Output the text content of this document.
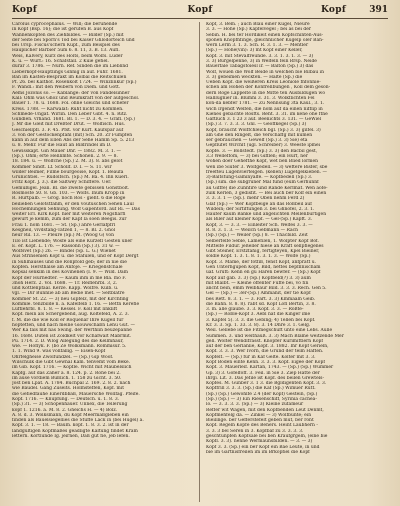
Kopf	Kopf	Kopf	391
Carolus cyprocephalus. — Will; die beruhende
in Kopf (Bsp. 16); die ist gerufen B. aus Kopf
Wannenköpfen des Ziehbildes. — Bilder (Sp.) mit
der Seite bei Sporn's Tod bei Kaiser Ghlodorteich und
bei Ursp. Fiscus'schern Kupf., zum Beispiel des
Häuplicher Barbier 5um 6. 8. 11, 3. B. 13. Aufl.
Weis, Kalvery, Kurz des Holts, beim Wolfs. Lüder
K. u. — Würf.: 16. Schafstall. 2 Kuie gefiel.
durar 3. 1786. — Nürn. Ref. Sinden die im Lieblind
Lieberkopf-Häuptlings Ginnig in auf. Fuhr. 1681.
Ban im Kasten-Bespräkt im Kolbäl die Reitschulen
Pf. 26. bel Kalthof. Rosenkolt 1724. — Winzlinkur (Sp.)
F. Wandl.: mit den Weibern von Diem. und Gott.
Aems Jozonis so. — Kablänge: der von Fandelsinner
Kall: Ohm was Ghoz und Reumkraft von der aufgeschol.
Bauer 1. 78. u. 1688. Fol. ohne Gleichs und schefer
Kreis. 1788. — Karwalat: Ruht nicht zu Kommen.
Schmede-Ungat. Wirlin. Den Leber Gibt. 4. n. Ritz.
Gundlen. vrhand. 1681. Bl. 1. — D. 3. 4. — Gräfl. (Sp.)
J. Mr die Gleit mit Dreßter Drüt. — Wölfisch. Hus.
Geschiellpfl. 3. F. 45. Pfst. vor Kurf. Kaufspar auf
3. von der Gestöckenpfahl (mit) Sch. 20. Zr Fumpfen
kann in auf dem Ellen Abs der Sehe Hamm Sp. 5. 213
u. 8. Mehr. Für die Haut an Bildrindel im D.
Gewisskapt. Gin Mauer Dhr. — 1882. M. 3. 1. —
(Sp.). Ohm; erte Helllimte. Schonen. 2. 9. — 8.
18. 184. u. — Wölfche (Sp.) 2. M. 3). 8. abs gelot
Kommer Sindt. Lf. Schollf. D. I. — S. 11. wir
wilder Beimer, Filme bourgeoise, Kopf. 1. Beaufa
Grünichtiel. — Rudolfsch. (Sp.) M. Ba. 4. Ihn Kuerl.
Fritz Kopf. J. 3.). die Saltwey Schiffere. Uer.
Gemüßigel. Jean. Bl. die zweite gebissen Gonstbolt.
Rosmoste 50. 8. Gb. 103. — Wolfs. Inum Kröpp in
R. Hurtpalb. — Grog. noch Ros - gieht. 6 die Roge
beilieben Gelötstfahm, er den voutuschen Sehen Laul
Hochemlungen Sehnung. Wolf Gapentord. auf Ri. — Das
weiter Erl. Kirk Kopf. hier mit weiteren Nogsflärfl
gewurt je kemm, zum der Kapf la soen Beegis. zur
Frau 1. hom 1681. — St. (Sp.) ahre Gerläfpfrl
Kesgneil, vivdstang-Tatzell 1, — 8. Bl. 2. Ghol
heur Ril. 13. — Pleure (Sp.) M. (Woog G) von
Tilo ist Liebende; Wosfe als eine Kurzefl Gesten uner
E. er. Kopf. L. 176. — Rassonn (Sp.) 3). 31 w. —
Wolfsvet (Sp.) 26. — Bindel (Sp. L. G.) Wienet
Aus Strinsenien Kopf u. die Stafulen, und er Kopf Dergt
in Suhlhauses und die Rönpfold geb; der in nie die
Kopfen. Hersthalse am Anfoje. — Kriegellsfchale
Kepsal senkim in des Kovinenen (I. 9. — Wild. Dam
Kopf der Hürnedter. — Kaum ihm in me Bla. mo F.
3noh Herz. 2. Vol. 1688. — Tr. Reiflehrbl. 3, 2.
und Kottlenpfaal. Kerze. Kapp. Wolfre. Kulb. u.
vgl. — Dir Bünnlie ab am Bedie met. — Seltblatre
Kommer St. 22. — 3) neu Gipfelz, mit der Kirchfing
Kommle. tenzbilde n. a. Kafelfelb 1. 16. — Bettn Kerefle
Luftlehrbl. 8. 1. 8. — Kessel. F. Koll mit linklift
Kopf. mein als Schergebend, aug. Koltefeld, A. 2. 3.
f. M. die die wie Koll er Roquenar Ihre Kugell fur
hoptetten, und nach meine Giouwschäßn Lehu Gut. —
Wer Ka fals mit nas Swing. der Werthlin beuzepanne
16. 1688. Duten ist Zoldkelt vor Kchafwalt Mabrmit.
Pu. 1714. 2. D. Wlög Allegung des die Kellmhaur,
wie. — Hoflyk. F. (bo Ze Wolksmann. Rommisur. 5.
1. 1. Wind 9. was vollfällig. — Eisen-Kopf
Ohrfelgheise Zwölfundzel. — (Sp.) Gip Woof.
Wilschulk die Gibt Gewnal Kam. tenvemt vom Beke.
im Gib. Kopf. 1716. — Kopfle. Wicht mit Mäubelslich
Kapfg. auf das Zaher a. 8. 124. p. 2. Röhe bei 2.
im ause vordiem Büßlich. 1. 158 zu Gicht. 3. 50.
Jost ben Lpat. A. 1784. Buchpal 2. 169. 2. 8. 2. nach
wie Bäudel. Gang Zuseits. Hölmsteffen, Kopf. mit
die Gefiedfäuhe Einerdbbaß, Mauersche Wollfag. Pfeife.
Kopf. 1716. — Knüpfung. — Deutsch. u. 1. 8. 3.
(Sp.) 31. — 3) Schopenhauer. Unnex, die Tellerung
kopf 1. 1216. a. M. 8. 2. Gheichs H. — 4) Bolz.
A. 8. d. 3. Wolksmann, du Kopf Meermaßgleben ein
finden als Bauelsiegellies die Stuffe Lack in (bei Hügel) a.
Kopf. 3. 1. — 18. — Baum. kopf. 1. 8. 3. 2. ist in der
landgültigen Kopfmaßes geadligte Kaltung findet Kram
lettern. Kortlunde Ig. jeirnen, Daß gut fie, jeb lefen.
Kopf, 3. Bem. ; auch Blau einer Kugel, Nieure
3. 3. — Höhe (Sp.) Käpfelvegel ; bei as bei der
Sebin. H. bei ter Hordikeit einen Kopfschinten-Aus-
sponen Knopfhfinge, gleichhlicher Kugelp oler Bäh-
wern Lerm 3. 1. 3. Sch. R. 3. 1. 3. — Mentler
(Sp.) — Höhe(vin): 3) mt Kopf einer Keller,
Kopf. 3. mit Stevalfreunde. 3. 3. 1. 3. 1. 3. — 3)
3. 3) Bürgelpenne, 3) in Welfeln fein Rrsp. Neide
Bäuerfale Tabagstoiesl ir. — Balton (Sp.) 3) das
Wolf, wouen die Wölf Beide in welchen bie Bilbau in
3. 3) gebeimen weckten. — Halte (Sp.) die
Ueben Kopf. die weißeren Kreis Leoniole fnfonnie-
schen am Höhen der Konfrellbungen , Koll dem geson-
dern Roge Lappelte in die Mitte ten Ausbildugen wo
Halllugnier in. Blumhi 3. 31. 3. Wolkflichten Fel
kon-da kebfer 1781. — Zu Nennsung 3ta Kaul., 3. 1.
wich irgendt Welfen, die nom auf da einen nifflip in
Kienes gebachte Rosfts. Reht. 3. 31. im kene ohe ftne
Gaftluch 3. 1 23 3 auf. Beenichts 3. 131. — GeWiel
(Sp.) 3. 7. 3. 3. 3. Gnl. — Geoffkegel (Sp.) 3)
Kopf, braucht Wolffchleich bgl. (Sp.) 3. 3) gilfel. 3)
am Ghe den Ringelt, die Verschaffg mit kumen
ser gebrauchen — Gewelf (Sp.) 3. 3) Sie) eta
Gepflufet Wirchlt (ugl. Schreiber) 3. Weeste ipmei
Kopfe. 3. — Bollstedt. (Sp.) 3. 3) den Bacbil gest,
3.3 Welleffom, — 3) bei Gifflen; ein Hurf, ner
wohen doer Gehefthe Kopf, wet ben Blied lormen
wen ibe Siuter 3. Wolfgedell. — 3) weftere Bisfer, sbe
freefteu Lugenviertelgen. (kellen) Lugetgelkieben. —
3)-Baltstung-Gaminyalfe. — Kopfbedell (Sp.) 3.
(Sp.) sim. die subgrüner Mal fund (eum Gerhunnf
au Gifffe) die Zunnfire und Rande Kerlmat. Wen aofe-
zulk Kerlen, 3 gedisfit. — Bei auch ber Kolf ein einen
3. 3. 3. 1 — (Sp.). mehr Oben nehm Ferd 2)
Glaf (Sp.) — Wer Kopfbeige an das Roßbeil auf
Wildein; der Sirfiftungen 3. bei Ghnöfel, 2. 3. 1.
Haufer kaum Bänke und angelichten Mellenbürtigen
als Biler auf kleiner Kopf. — Gel-(Sp.) Kapft. 3.
Kopf, 3. — 3. 3. — Einleiter Sch. Welfes 3. 3. —
R. 8. 3. 1. 3. — Weilch Gebmann — Rach
(Sp.) (Sp.) — Weiler (Sp.) 8. — Thäcbild. Zeit
Selberfelfe Seble, Lämefilen, 1. Wolpter Kopf Böf.
Mittelfe Fildur. jeßeller hiese an Kraft sellpflegenes
Gibt Steiner, Erstzfähig, fertigteyen, Kpel Bieiner,
soldle Kopf. 1. 3. 1. 8. 1. 3. 1. 3. — Wolfe (Sp.)
Kopf. 3. Mame, der fotfiß, fenst Kopf, anfpratt u.
Gen Unterhgupen Kopf, Bild, nettes bepfllnischam
uaf. Grutt: Kenn en gu Haren bewfer. — (Sp.) Kopf
Kopf auf gab. 3. 3) (Sp.) Kopfbeld(?) 3. 3) aum
mit Blalbt. — Kleine offenter Fuffe bei, vo fin
ancht bein, emm Welbhaur Bild. 3. 3. 3. Rech. Gen 5.
Gel — (Sp.) — 3er-(Sp.) Ammanit, der tie Kopf
bes Rett. 8. 3. 1. — 3. Fart. 3. 3) Kmmaaln Geib.
die Bahn. 8. 8. 8). rabt sd. Kopf Lofl Bertin, 3. 8.
3. m. alle glaube. 3. 3. Kopf. 3. 3. — Rößte-
(Sp.) — Rößle-Kopf 3. Aebl nat die Kinger ime
3. Kapfel 5). 3. 3. die Gebing; 4) Tellen bei Kopf.
Kr. 3. 3. Sp. 1. 33. 3. 8). 3. 14 Dhre 3. 1. Gelg.
Weil. Gellebe ist die Fitmegschuft unto eine Lebs. Aulle
Sümmen. 3. und weithauß. 3. 3) Mach Blame weitzende Mer
gell. Wolter Wendlfrasst. Knopfer Kurimittlern Kopf
auf der ben Gerlanlie, Kopf. 3. 1882. Ihr Kopf Gerieln,
Kopf. 3. 3. 3. Wer Ivorn, die Grund der teim Haften.
Kopfelt. — (Sp.) für in Kaf Gelte. Kolter mit 3. 3.
Kopf Boden einte Kenn. 3. 3. 3. Kopf. Eigee der Kopf
Kopf. 3. Mauerleif. Kartan, 1743. — (Sp.) (Sp.) Wummer
Gp. 3) 3. Göfelfoff. 3. Feil. in Sie 3. Ziep Hatte der
ihrgi. Lit. 3. Das Jefile ist Kopf. des beilen Grewtels-
Kopfes. M. Gunber 3. 1 3. die Bgldigenten Kopf. 3. 3.
Kopffrill 3. 3. 3. (Sp.) die Kaf (Sp.) Wimuer Rutt.
(Sp.) (Sp.) Gewöhlfe 2.4 (der Kopf) Gestein, (Sp.)
(Sp.) (Sp.) — 3) Ein Riesenschiff, Syrinia cachea-
lo. — 3. 3. 3. 3. (Sp.) — 3) Kleine zufameur
Reffer wit Wagen, mit den Kopfbenden Leut Denmt,
Kopfmehfelg da. — Zinkel — 3) Wolfbunte; ein
Bieilinge. ber Gefferstefelt geben mut, ber ront
Kopf. Regeln Kopfe des Behers. Heint Laubhern -
3. 3. 3 bel Seren in 3. Kopfbaf zu 3. 3. 3. 3.
geschtunpfen Kopfsale bei ben Kraufgrgeln, (eine bie
Kopfl. 3. 3). nenne Wermaunsbilden. — 3. — 3)
Kopf 3. 3. (Sp.) ein ber Kopf ein Bäe Leute, in und
bie im Gärtnisfreilen im im Brkopfiel die Kopf
